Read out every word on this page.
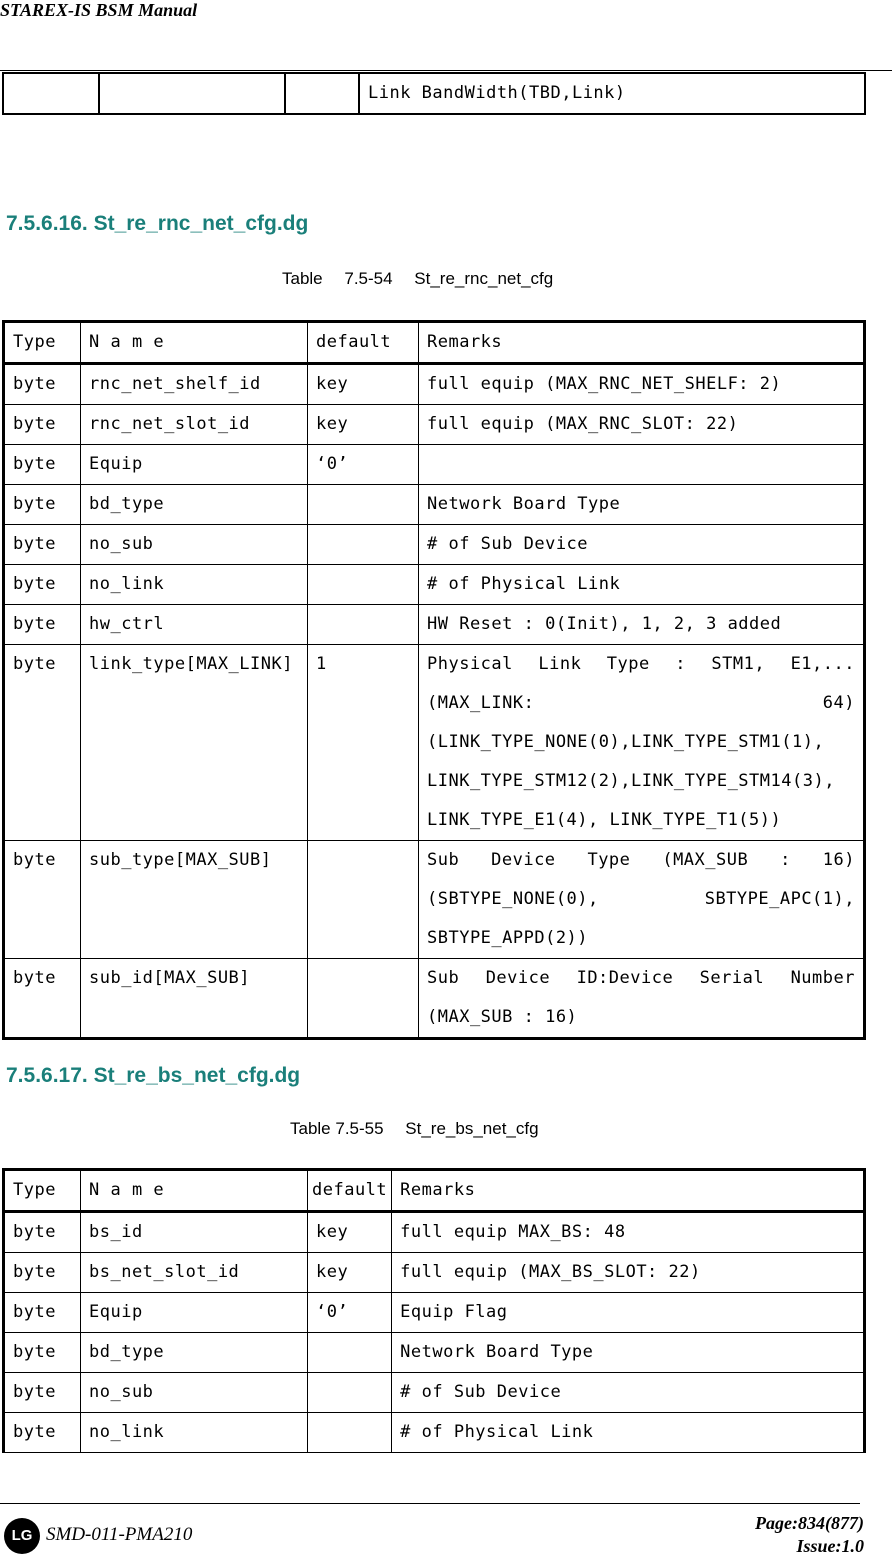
STAREX-IS BSM Manual
			Link BandWidth(TBD,Link)
7.5.6.16. St_re_rnc_net_cfg.dg
Table　 7.5-54　 St_re_rnc_net_cfg
Type	N a m e	default	Remarks
byte	rnc_net_shelf_id	key	full equip (MAX_RNC_NET_SHELF: 2)
byte	rnc_net_slot_id	key	full equip (MAX_RNC_SLOT: 22)
byte	Equip	‘0’	
byte	bd_type		Network Board Type
byte	no_sub		# of Sub Device
byte	no_link		# of Physical Link
byte	hw_ctrl		HW Reset : 0(Init), 1, 2, 3 added
byte	link_type[MAX_LINK]	1	Physical Link Type : STM1, E1,...(MAX_LINK: 64) (LINK_TYPE_NONE(0),LINK_TYPE_STM1(1), LINK_TYPE_STM12(2),LINK_TYPE_STM14(3), LINK_TYPE_E1(4), LINK_TYPE_T1(5))
byte	sub_type[MAX_SUB]		Sub Device Type (MAX_SUB : 16) (SBTYPE_NONE(0), SBTYPE_APC(1), SBTYPE_APPD(2))
byte	sub_id[MAX_SUB]		Sub Device ID:Device Serial Number (MAX_SUB : 16)
7.5.6.17. St_re_bs_net_cfg.dg
Table 7.5-55　 St_re_bs_net_cfg
Type	N a m e	default	Remarks
byte	bs_id	key	full equip MAX_BS: 48
byte	bs_net_slot_id	key	full equip (MAX_BS_SLOT: 22)
byte	Equip	‘0’	Equip Flag
byte	bd_type		Network Board Type
byte	no_sub		# of Sub Device
byte	no_link		# of Physical Link
LG SMD-011-PMA210
Page:834(877)
Issue:1.0
